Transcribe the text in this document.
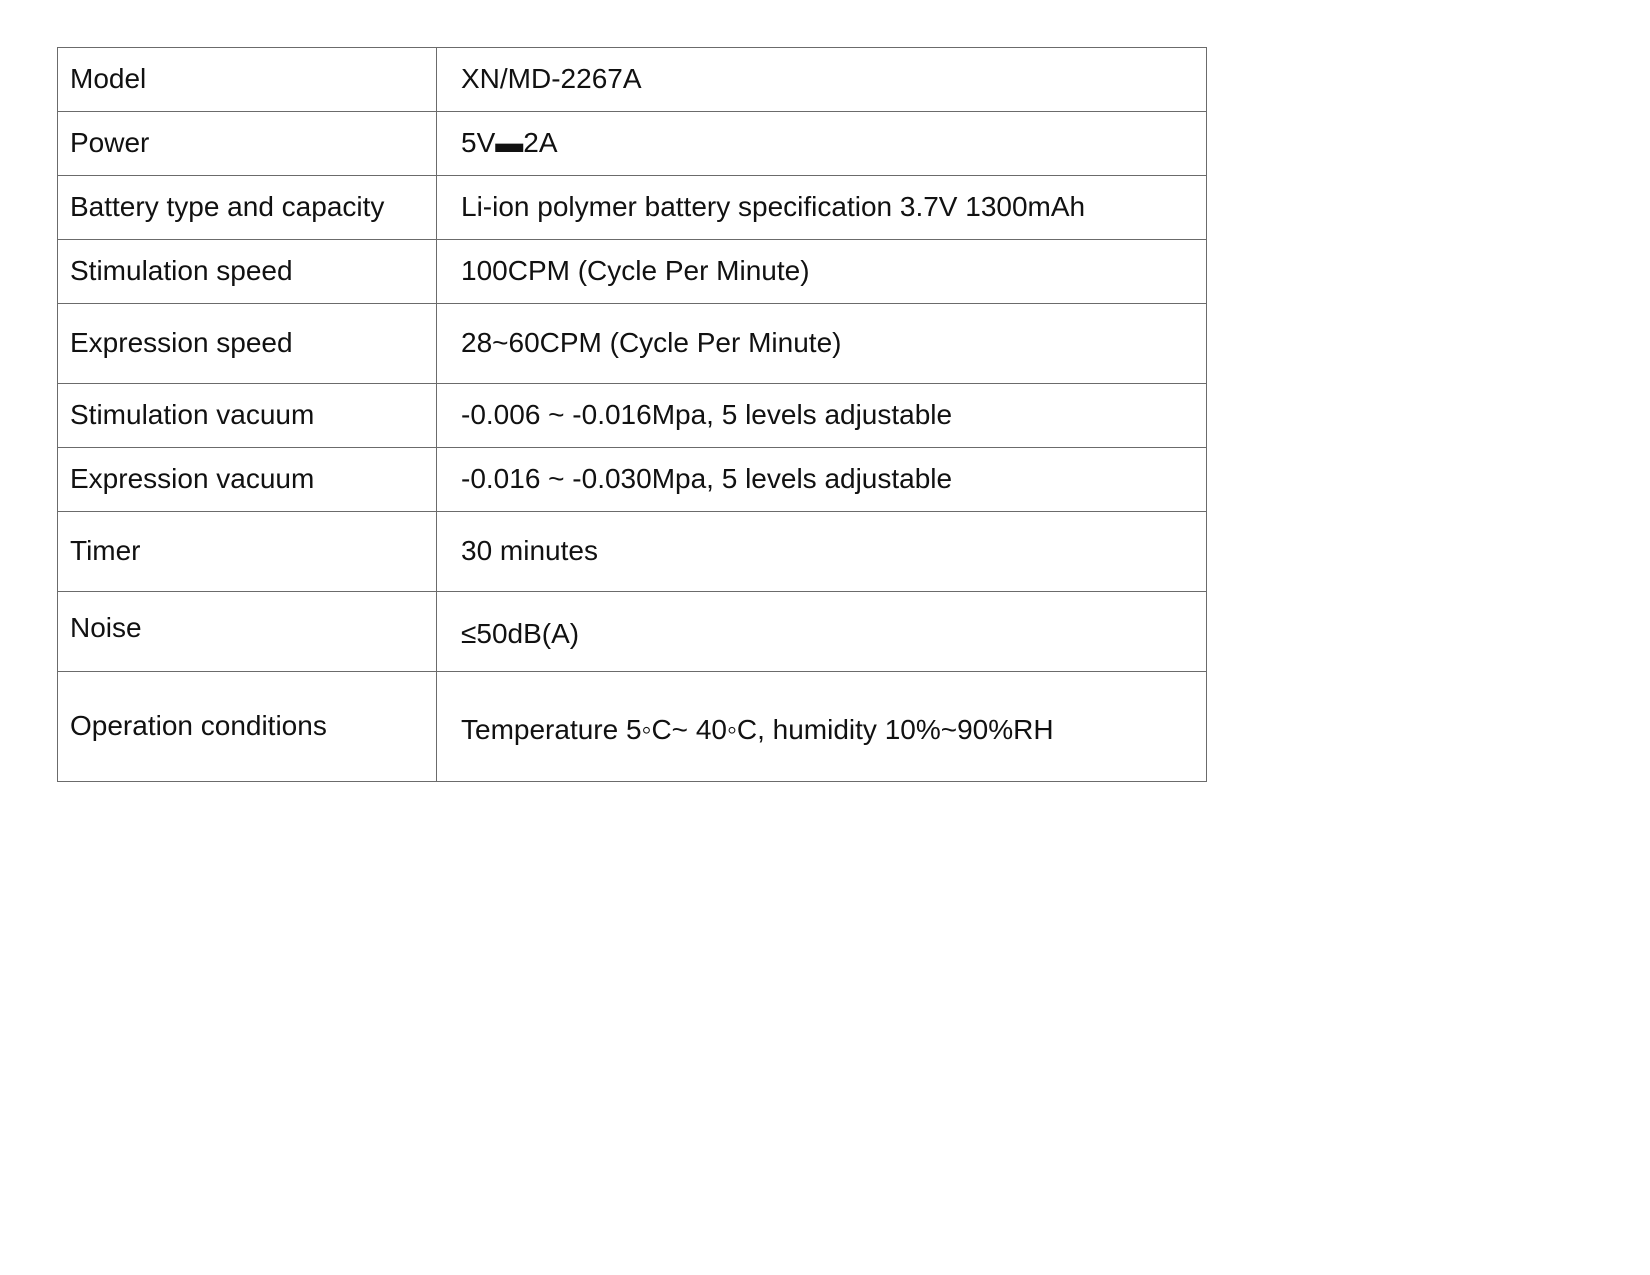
Model	XN/MD-2267A
Power	5V▬2A
Battery type and capacity	Li-ion polymer battery specification 3.7V 1300mAh
Stimulation speed	100CPM (Cycle Per Minute)
Expression speed	28~60CPM (Cycle Per Minute)
Stimulation vacuum	-0.006 ~ -0.016Mpa, 5 levels adjustable
Expression vacuum	-0.016 ~ -0.030Mpa, 5 levels adjustable
Timer	30 minutes
Noise	≤50dB(A)
Operation conditions	Temperature 5◦C~ 40◦C, humidity 10%~90%RH
